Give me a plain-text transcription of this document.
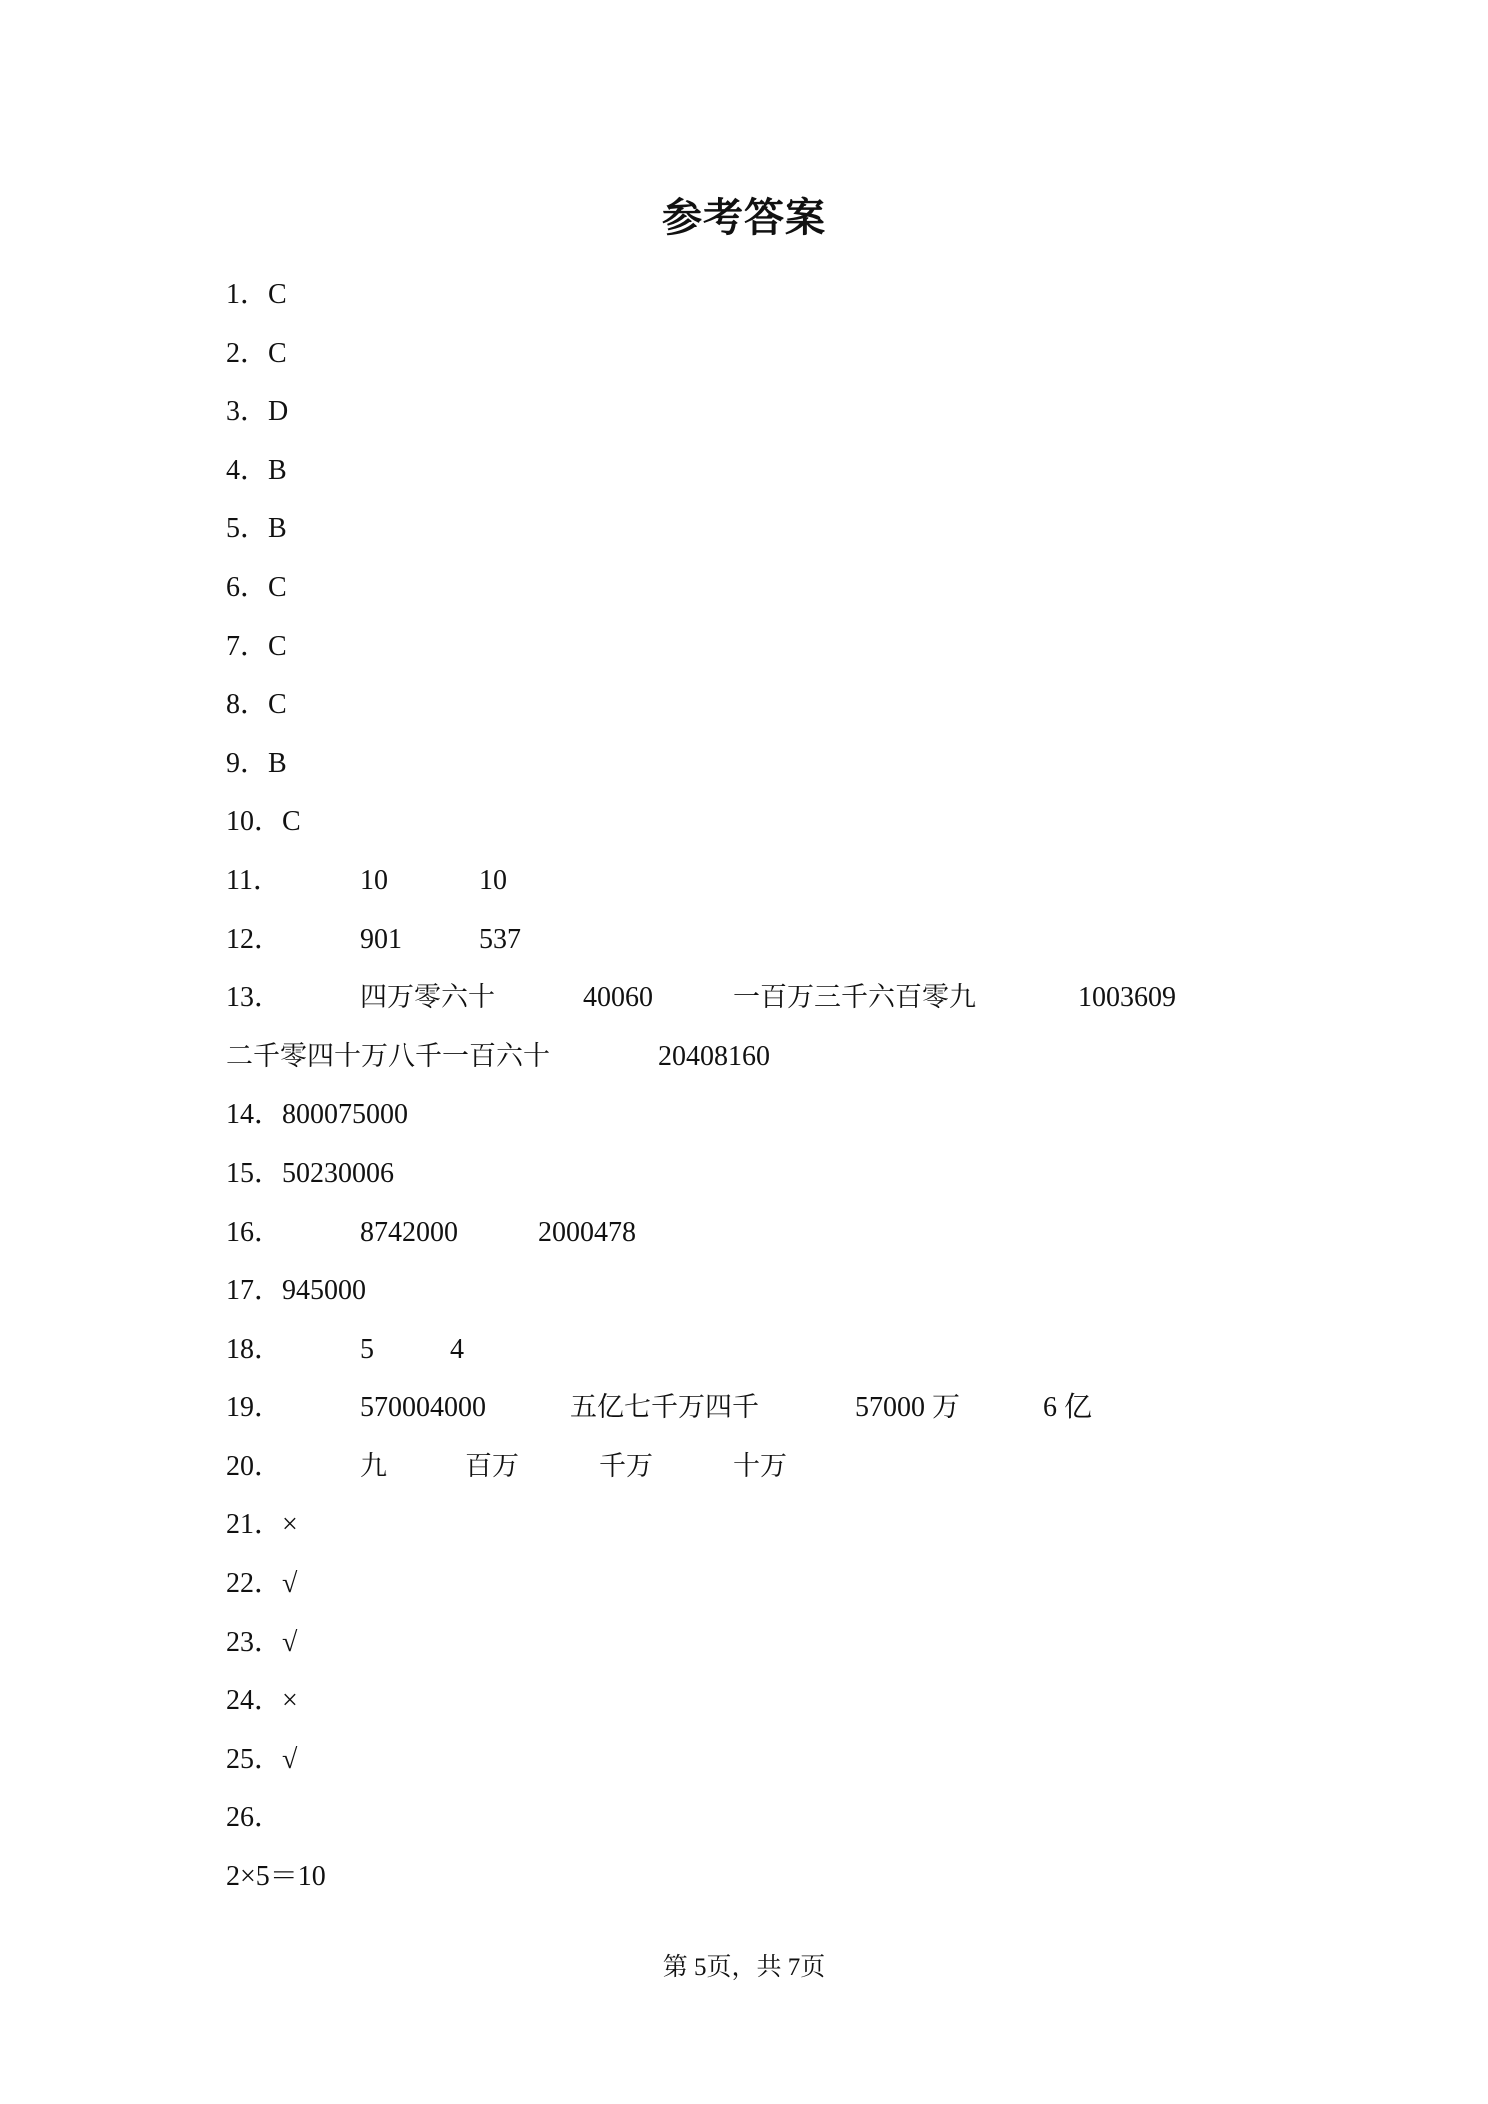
参考答案
1．C
2．C
3．D
4．B
5．B
6．C
7．C
8．C
9．B
10．C
11．	10	10
12．	901	537
13．	四万零六十	40060	一百万三千六百零九	1003609
二千零四十万八千一百六十	20408160
14．800075000
15．50230006
16．	8742000	2000478
17．945000
18．	5	4
19．	570004000	五亿七千万四千	57000 万	6 亿
20．	九	百万	千万	十万
21．×
22．√
23．√
24．×
25．√
26．
2×5＝10
第 5页，共 7页
